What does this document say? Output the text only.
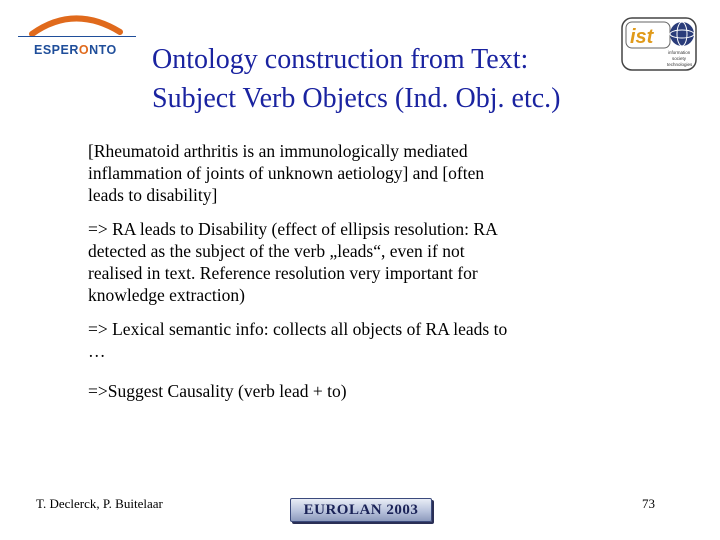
ESPERONTO
ist
information
society
technologies
Ontology construction from Text:
Subject Verb Objetcs (Ind. Obj. etc.)
[Rheumatoid arthritis is an immunologically mediated
inflammation of joints of unknown aetiology] and [often
leads to disability]
=> RA leads to Disability (effect of ellipsis resolution: RA
detected as the subject of the verb „leads“, even if not
realised in text. Reference resolution very important for
knowledge extraction)
=> Lexical semantic info: collects all objects of RA leads to
…
=>Suggest Causality (verb lead + to)
T. Declerck, P. Buitelaar	EUROLAN 2003	73
